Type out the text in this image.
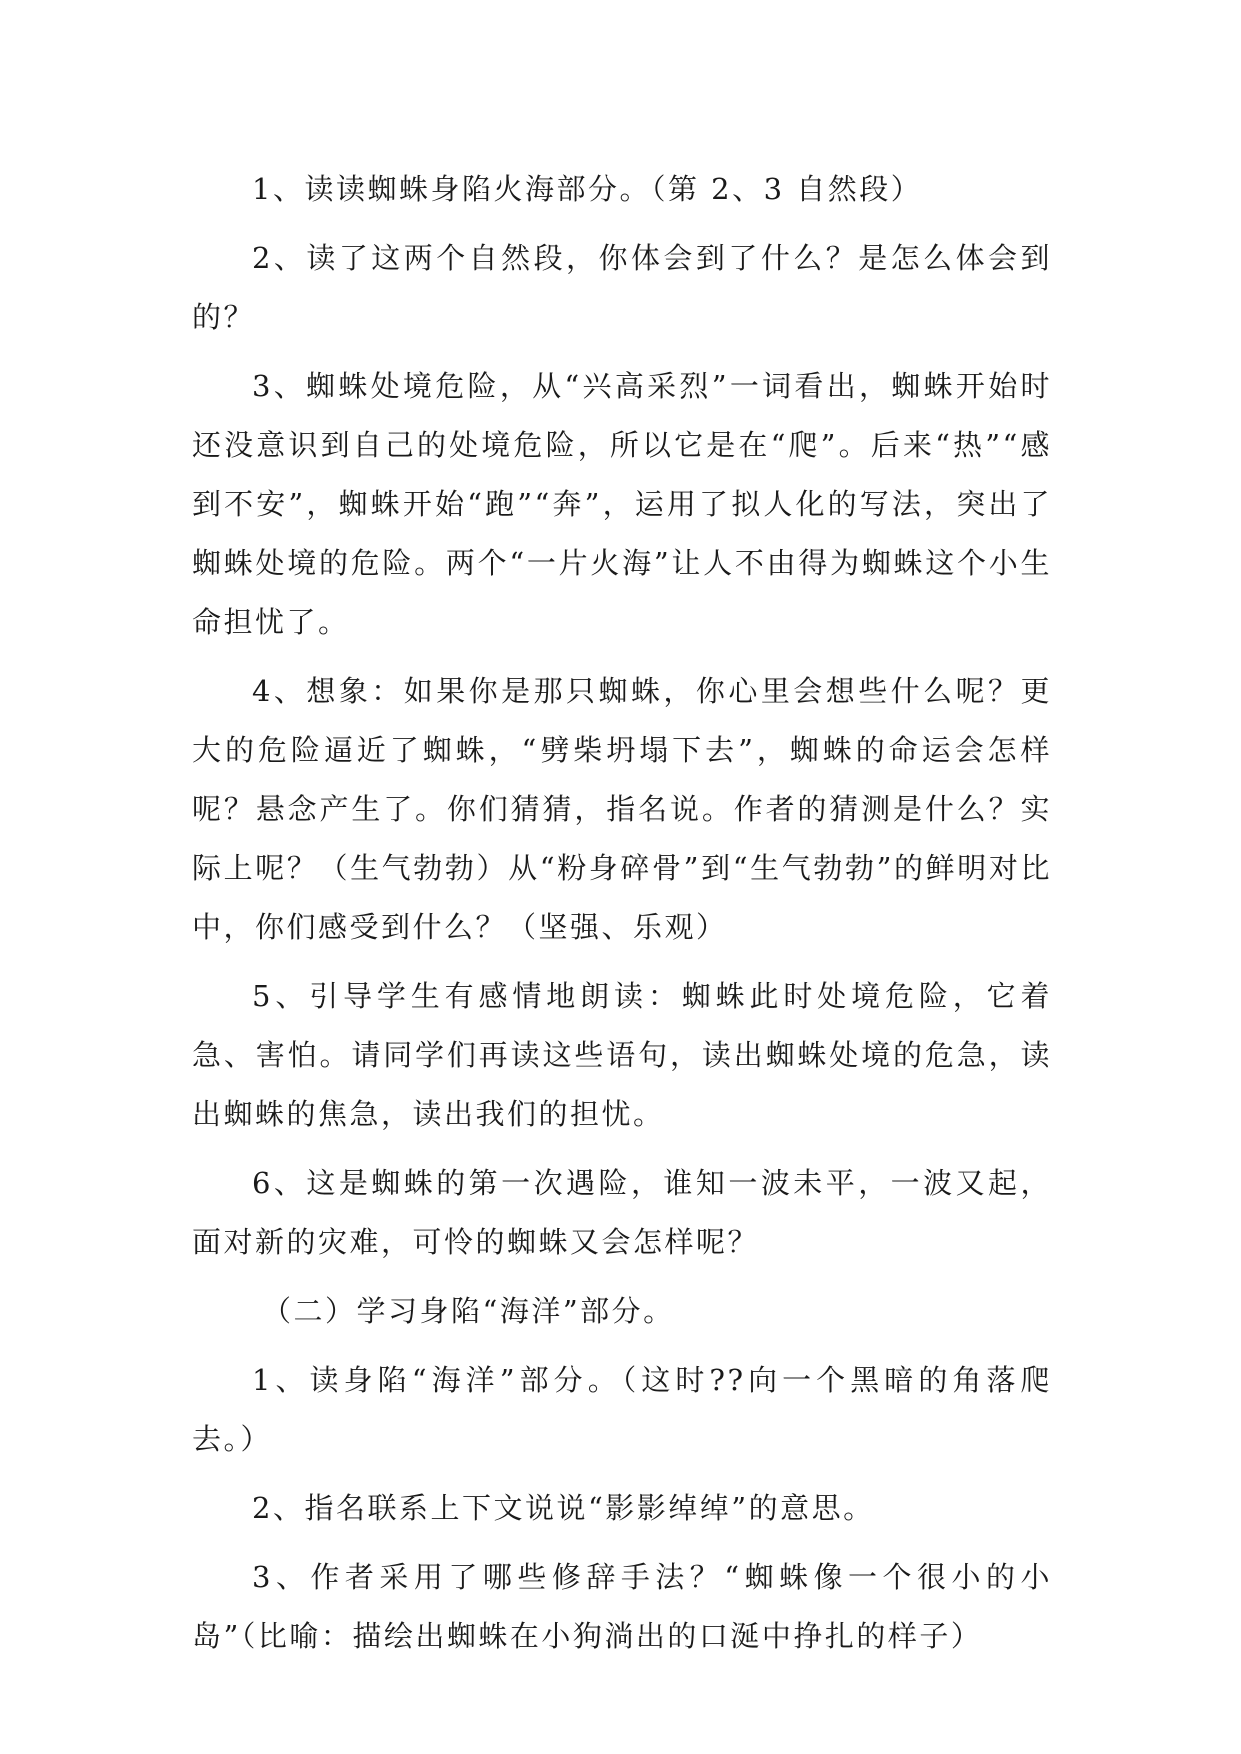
1、读读蜘蛛身陷火海部分。（第 2、3 自然段）

2、读了这两个自然段，你体会到了什么？是怎么体会到的？

3、蜘蛛处境危险，从“兴高采烈”一词看出，蜘蛛开始时还没意识到自己的处境危险，所以它是在“爬”。后来“热”“感到不安”，蜘蛛开始“跑”“奔”，运用了拟人化的写法，突出了蜘蛛处境的危险。两个“一片火海”让人不由得为蜘蛛这个小生命担忧了。

4、想象：如果你是那只蜘蛛，你心里会想些什么呢？更大的危险逼近了蜘蛛，“劈柴坍塌下去”，蜘蛛的命运会怎样呢？悬念产生了。你们猜猜，指名说。作者的猜测是什么？实际上呢？（生气勃勃）从“粉身碎骨”到“生气勃勃”的鲜明对比中，你们感受到什么？（坚强、乐观）

5、引导学生有感情地朗读：蜘蛛此时处境危险，它着急、害怕。请同学们再读这些语句，读出蜘蛛处境的危急，读出蜘蛛的焦急，读出我们的担忧。

6、这是蜘蛛的第一次遇险，谁知一波未平，一波又起，面对新的灾难，可怜的蜘蛛又会怎样呢？

（二）学习身陷“海洋”部分。

1、读身陷“海洋”部分。（这时??向一个黑暗的角落爬去。）

2、指名联系上下文说说“影影绰绰”的意思。

3、作者采用了哪些修辞手法？“蜘蛛像一个很小的小岛”（比喻：描绘出蜘蛛在小狗淌出的口涎中挣扎的样子）
